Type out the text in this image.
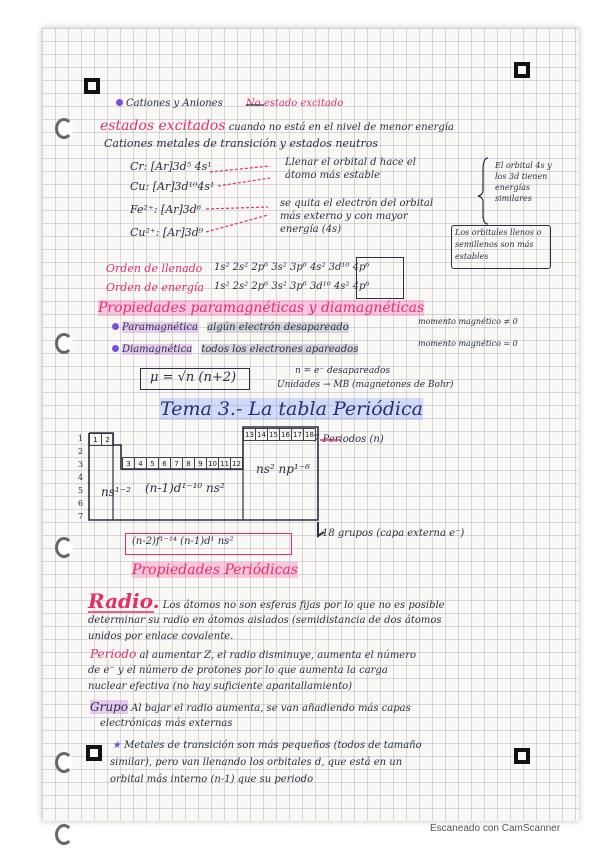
Cationes y Aniones No estado excitado
estados excitados cuando no está en el nivel de menor energía
Cationes metales de transición y estados neutros
Cr: [Ar]3d⁵ 4s¹
Cu: [Ar]3d¹⁰4s¹
Fe²⁺: [Ar]3d⁶
Cu²⁺: [Ar]3d⁹
Llenar el orbital d hace el átomo más estable
se quita el electrón del orbital más externo y con mayor energía (4s)
El orbital 4s y los 3d tienen energías similares
Los orbitales llenos o semillenos son más estables
Orden de llenado 1s² 2s² 2p⁶ 3s² 3p⁶ 4s² 3d¹⁰ 4p⁶
Orden de energía 1s² 2s² 2p⁶ 3s² 3p⁶ 3d¹⁰ 4s² 4p⁶
Propiedades paramagnéticas y diamagnéticas
Paramagnética algún electrón desapareado
momento magnético ≠ 0
Diamagnética todos los electrones apareados
momento magnético = 0
μ = √n (n+2)	n = e⁻ desapareados
Unidades → MB (magnetones de Bohr)
Tema 3.- La tabla Periódica
7 Periodos (n)
18 grupos (capa externa e⁻)
ns¹⁻² (n-1)d¹⁻¹⁰ ns²
ns² np¹⁻⁶
(n-2)f¹⁻¹⁴ (n-1)d¹ ns²
Propiedades Periódicas
Radio. Los átomos no son esferas fijas por lo que no es posible
determinar su radio en átomos aislados (semidistancia de dos átomos
unidos por enlace covalente.
Periodo al aumentar Z, el radio disminuye, aumenta el número
de e⁻ y el número de protones por lo que aumenta la carga
nuclear efectiva (no hay suficiente apantallamiento)
Grupo Al bajar el radio aumenta, se van añadiendo más capas
electrónicas más externas
★ Metales de transición son más pequeños (todos de tamaño
similar), pero van llenando los orbitales d, que está en un
orbital más interno (n-1) que su periodo
Escaneado con CamScanner
1	2
3	4	5	6	7	8	9 10 11 12
13 14 15 16 17 18
1
2
3
4
5
6
7
